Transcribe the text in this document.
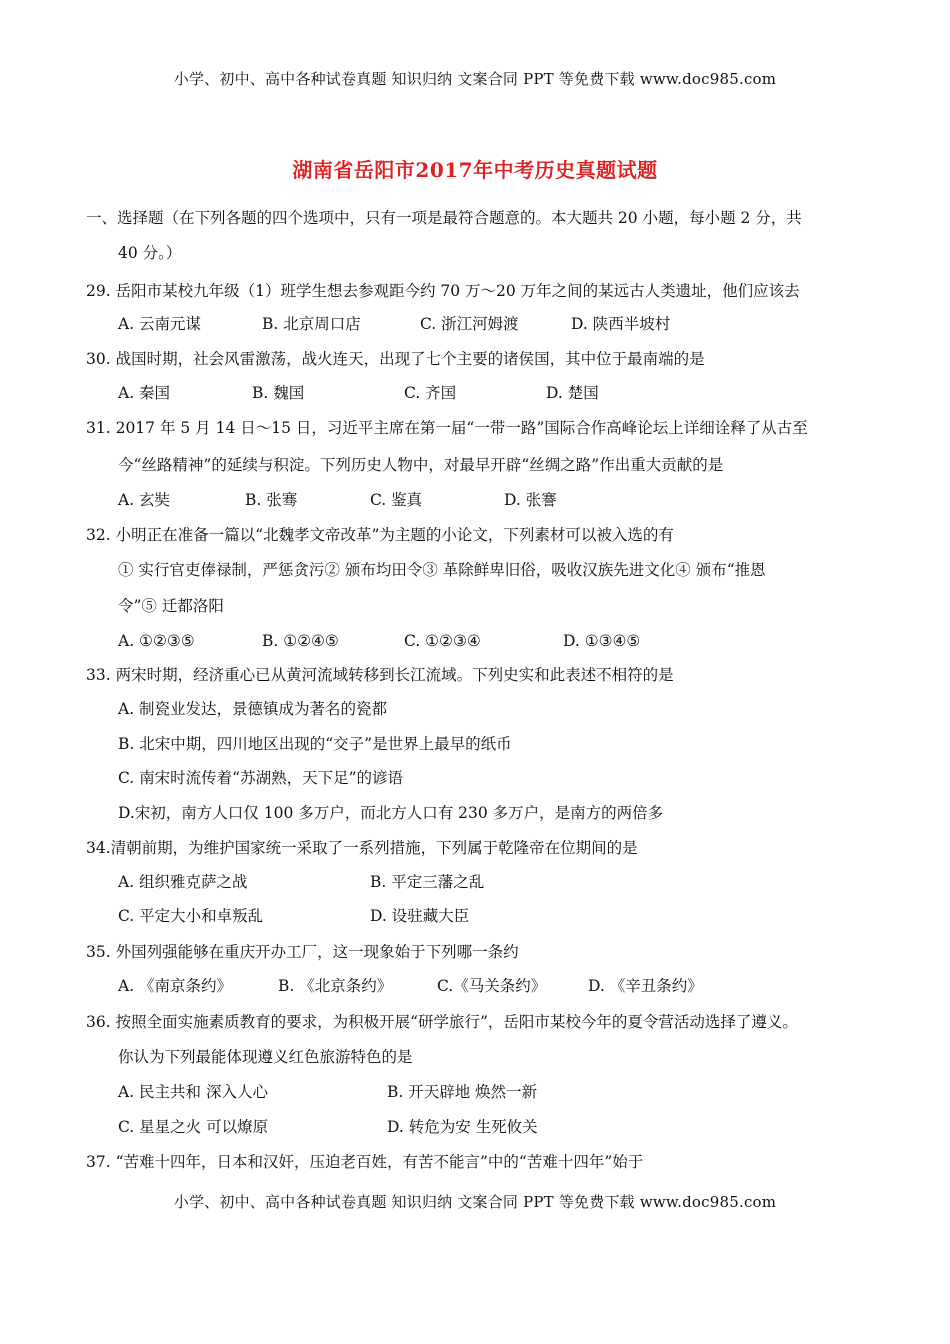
小学、初中、高中各种试卷真题 知识归纳 文案合同 PPT 等免费下载 www.doc985.com
湖南省岳阳市2017年中考历史真题试题
一、选择题（在下列各题的四个选项中，只有一项是最符合题意的。本大题共 20 小题，每小题 2 分，共
40 分。）
29. 岳阳市某校九年级（1）班学生想去参观距今约 70 万～20 万年之间的某远古人类遗址，他们应该去
A. 云南元谋	B. 北京周口店	C. 浙江河姆渡	D. 陕西半坡村
30. 战国时期，社会风雷激荡，战火连天，出现了七个主要的诸侯国，其中位于最南端的是
A. 秦国	B. 魏国	C. 齐国	D. 楚国
31. 2017 年 5 月 14 日～15 日，习近平主席在第一届“一带一路”国际合作高峰论坛上详细诠释了从古至
今“丝路精神”的延续与积淀。下列历史人物中，对最早开辟“丝绸之路”作出重大贡献的是
A. 玄奘	B. 张骞	C. 鉴真	D. 张謇
32. 小明正在准备一篇以“北魏孝文帝改革”为主题的小论文，下列素材可以被入选的有
① 实行官吏俸禄制，严惩贪污② 颁布均田令③ 革除鲜卑旧俗，吸收汉族先进文化④ 颁布“推恩
令”⑤ 迁都洛阳
A. ①②③⑤	B. ①②④⑤	C. ①②③④	D. ①③④⑤
33. 两宋时期，经济重心已从黄河流域转移到长江流域。下列史实和此表述不相符的是
A. 制瓷业发达，景德镇成为著名的瓷都
B. 北宋中期，四川地区出现的“交子”是世界上最早的纸币
C. 南宋时流传着“苏湖熟，天下足”的谚语
D.宋初，南方人口仅 100 多万户，而北方人口有 230 多万户，是南方的两倍多
34.清朝前期，为维护国家统一采取了一系列措施，下列属于乾隆帝在位期间的是
A. 组织雅克萨之战	B. 平定三藩之乱
C. 平定大小和卓叛乱	D. 设驻藏大臣
35. 外国列强能够在重庆开办工厂，这一现象始于下列哪一条约
A. 《南京条约》	B. 《北京条约》	C.《马关条约》	D. 《辛丑条约》
36. 按照全面实施素质教育的要求，为积极开展“研学旅行”，岳阳市某校今年的夏令营活动选择了遵义。
你认为下列最能体现遵义红色旅游特色的是
A. 民主共和 深入人心	B. 开天辟地 焕然一新
C. 星星之火 可以燎原	D. 转危为安 生死攸关
37. “苦难十四年，日本和汉奸，压迫老百姓，有苦不能言”中的“苦难十四年”始于
小学、初中、高中各种试卷真题 知识归纳 文案合同 PPT 等免费下载 www.doc985.com
